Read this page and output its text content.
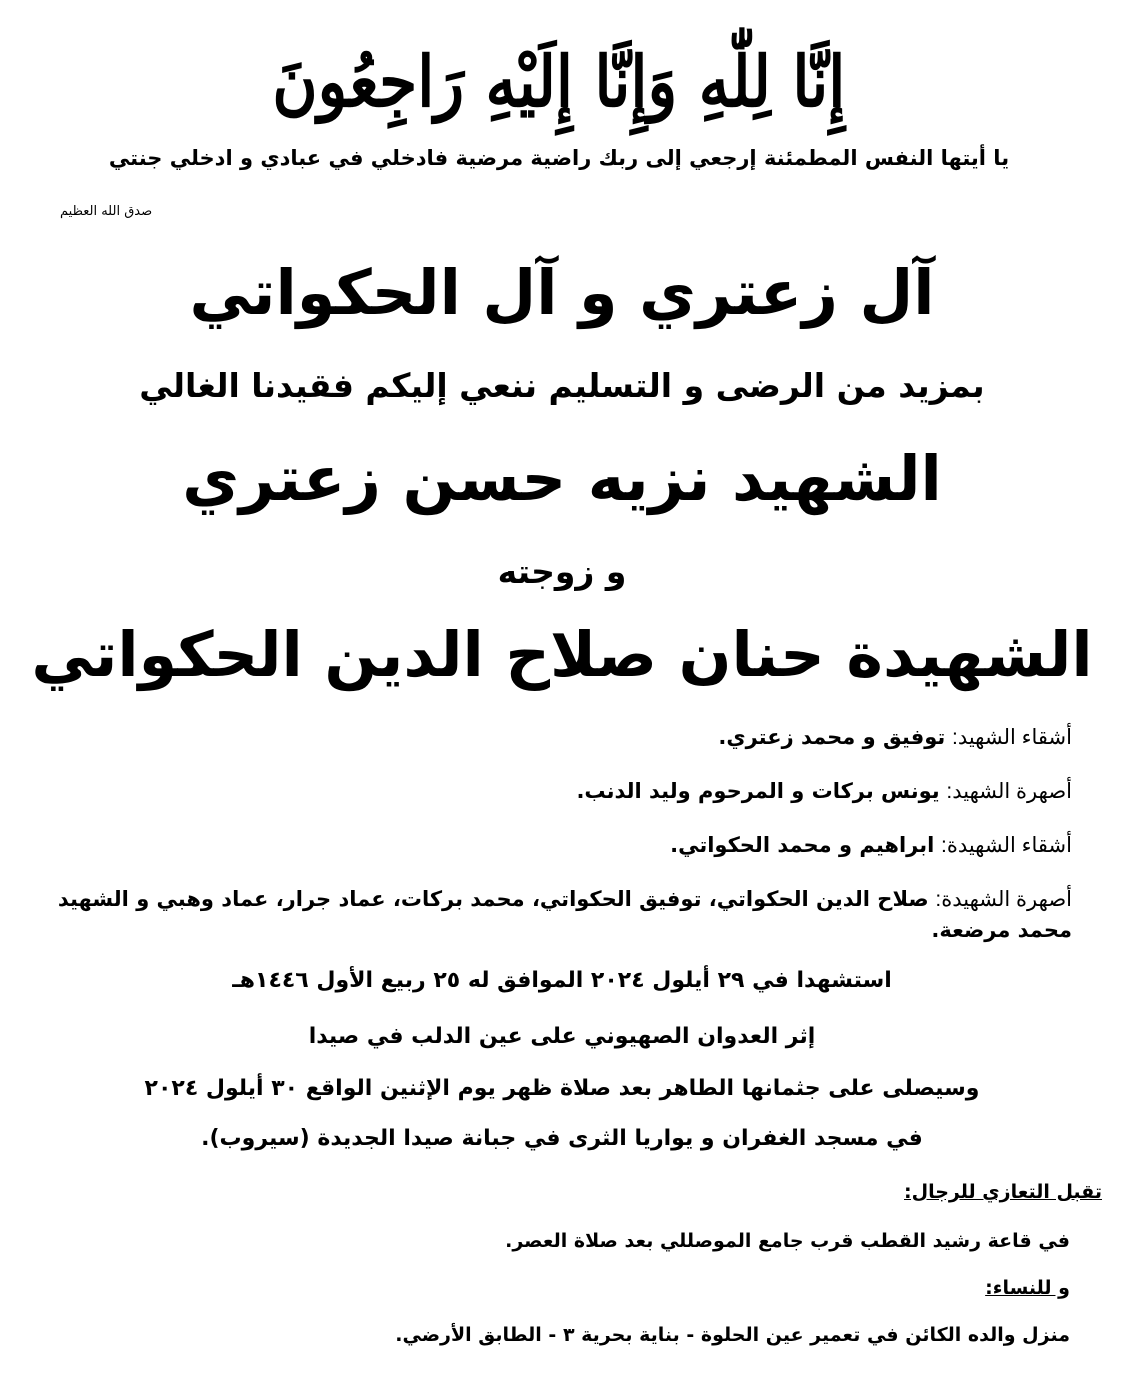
إِنَّا لِلّٰهِ وَإِنَّا إِلَيْهِ رَاجِعُونَ
يا أيتها النفس المطمئنة إرجعي إلى ربك راضية مرضية فادخلي في عبادي و ادخلي جنتي
صدق الله العظيم
آل زعتري و آل الحكواتي
بمزيد من الرضى و التسليم ننعي إليكم فقيدنا الغالي
الشهيد نزيه حسن زعتري
و زوجته
الشهيدة حنان صلاح الدين الحكواتي

أشقاء الشهيد: توفيق و محمد زعتري.

أصهرة الشهيد: يونس بركات و المرحوم وليد الدنب.

أشقاء الشهيدة: ابراهيم و محمد الحكواتي.

أصهرة الشهيدة: صلاح الدين الحكواتي، توفيق الحكواتي، محمد بركات، عماد جرار، عماد وهبي و الشهيد محمد مرضعة.

استشهدا في ٢٩ أيلول ٢٠٢٤ الموافق له ٢٥ ربيع الأول ١٤٤٦هـ
إثر العدوان الصهيوني على عين الدلب في صيدا
وسيصلى على جثمانها الطاهر بعد صلاة ظهر يوم الإثنين الواقع ٣٠ أيلول ٢٠٢٤
في مسجد الغفران و يواريا الثرى في جبانة صيدا الجديدة (سيروب).
تقبل التعازي للرجال:
في قاعة رشيد القطب قرب جامع الموصللي بعد صلاة العصر.
و للنساء:
منزل والده الكائن في تعمير عين الحلوة - بناية بحرية ٣ - الطابق الأرضي.
